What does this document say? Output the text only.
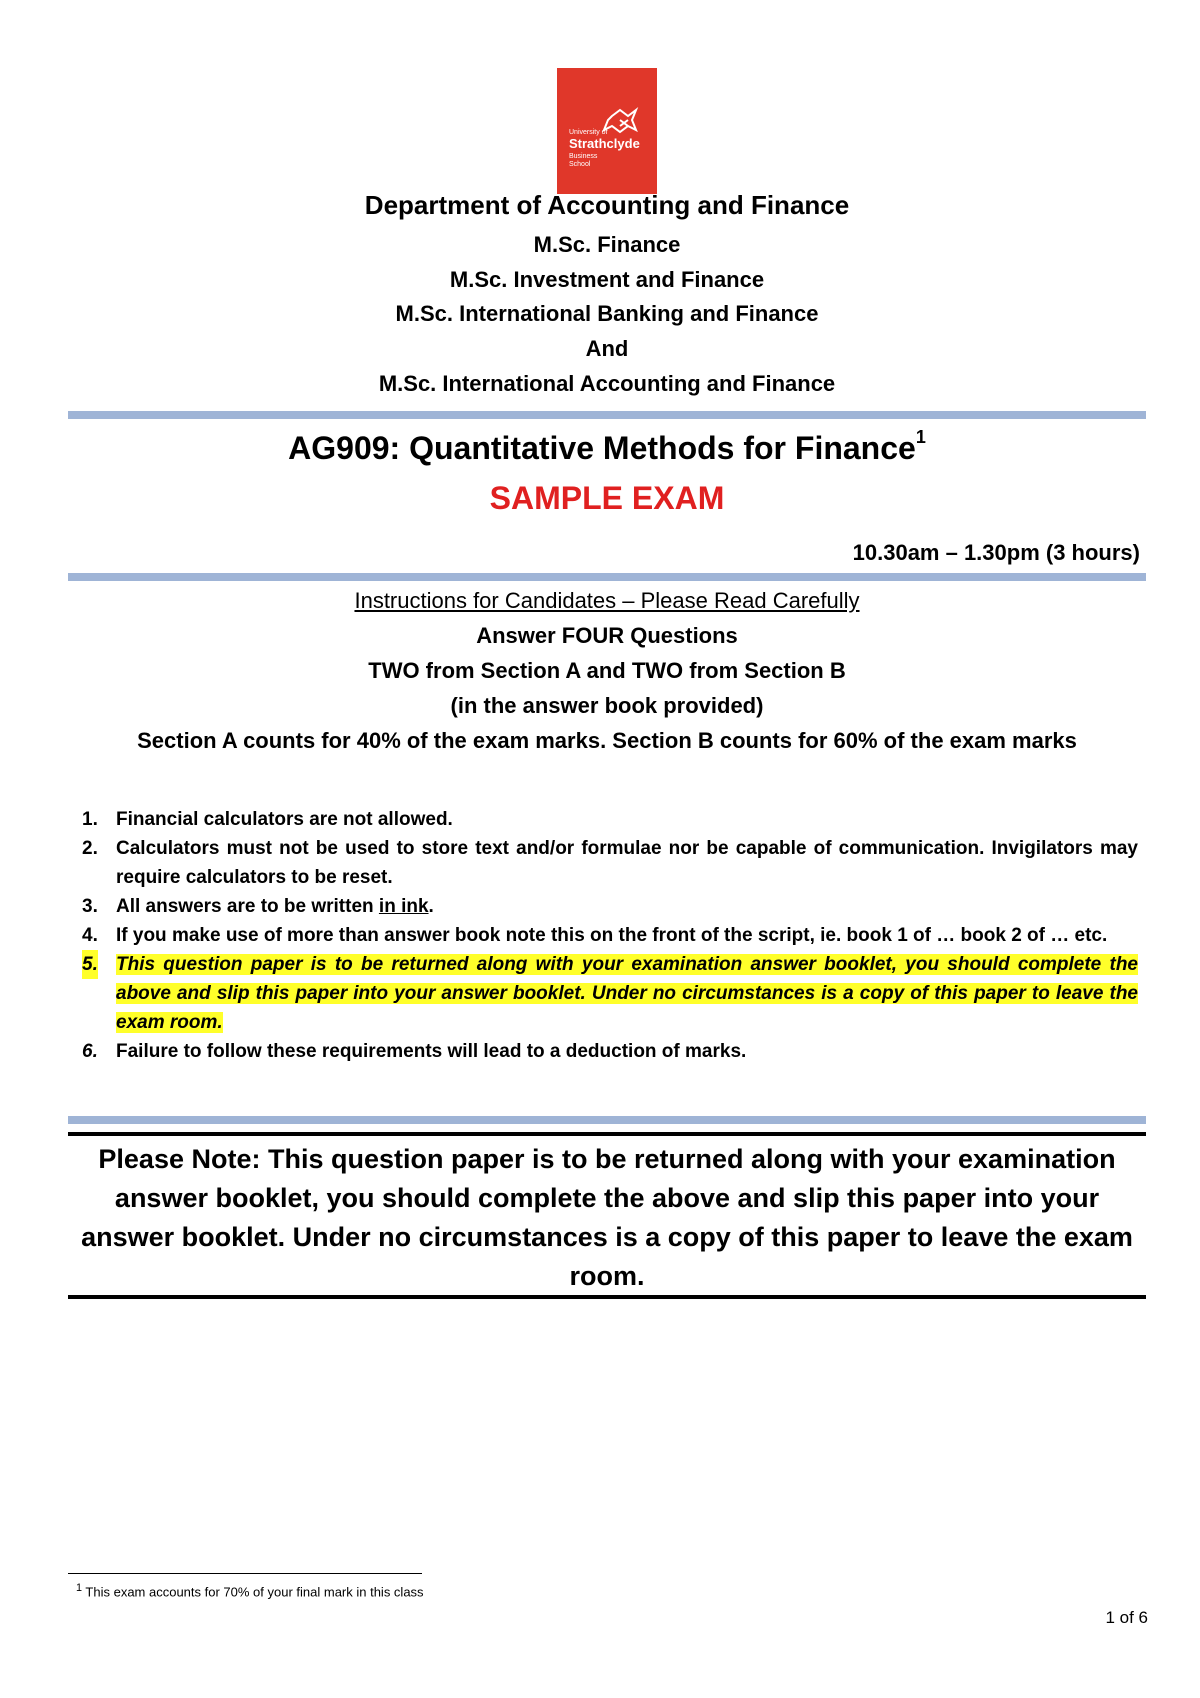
University of
Strathclyde
Business
School
Department of Accounting and Finance
M.Sc. Finance
M.Sc. Investment and Finance
M.Sc. International Banking and Finance
And
M.Sc. International Accounting and Finance
AG909: Quantitative Methods for Finance$^1$
SAMPLE EXAM
10.30am – 1.30pm (3 hours)
Instructions for Candidates – Please Read Carefully
Answer FOUR Questions
TWO from Section A and TWO from Section B
(in the answer book provided)
Section A counts for 40% of the exam marks. Section B counts for 60% of the exam marks
1. Financial calculators are not allowed.
2. Calculators must not be used to store text and/or formulae nor be capable of communication. Invigilators may require calculators to be reset.
3. All answers are to be written in ink.
4. If you make use of more than answer book note this on the front of the script, ie. book 1 of … book 2 of … etc.
5. This question paper is to be returned along with your examination answer booklet, you should complete the above and slip this paper into your answer booklet. Under no circumstances is a copy of this paper to leave the exam room.
6. Failure to follow these requirements will lead to a deduction of marks.
Please Note: This question paper is to be returned along with your examination answer booklet, you should complete the above and slip this paper into your answer booklet. Under no circumstances is a copy of this paper to leave the exam room.
$^1$ This exam accounts for 70% of your final mark in this class
1 of 6
